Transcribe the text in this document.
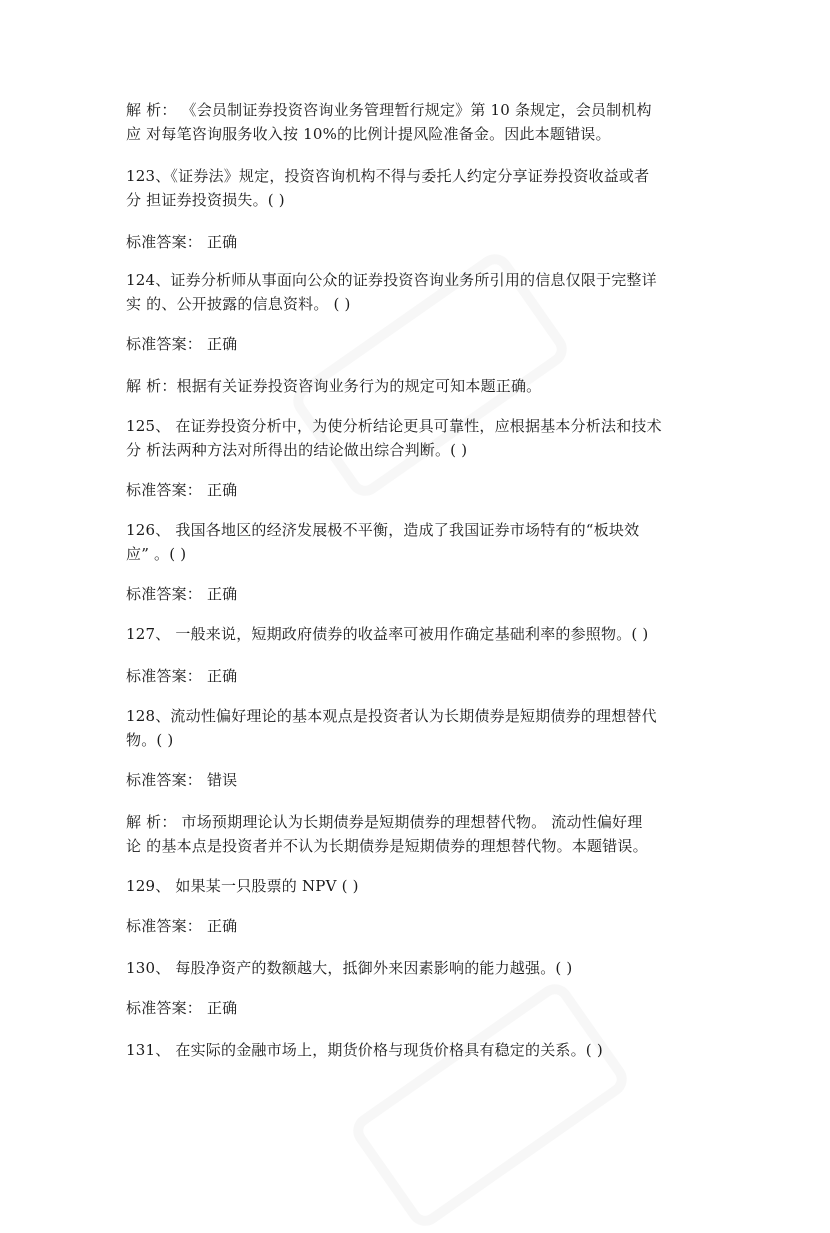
解 析： 《会员制证券投资咨询业务管理暂行规定》第 10 条规定，会员制机构
应 对每笔咨询服务收入按 10%的比例计提风险准备金。因此本题错误。
123、《证券法》规定，投资咨询机构不得与委托人约定分享证券投资收益或者
分 担证券投资损失。( )
标准答案： 正确
124、证券分析师从事面向公众的证券投资咨询业务所引用的信息仅限于完整详
实 的、公开披露的信息资料。 ( )
标准答案： 正确
解 析：根据有关证券投资咨询业务行为的规定可知本题正确。
125、 在证券投资分析中，为使分析结论更具可靠性，应根据基本分析法和技术
分 析法两种方法对所得出的结论做出综合判断。( )
标准答案： 正确
126、 我国各地区的经济发展极不平衡，造成了我国证券市场特有的“板块效
应” 。( )
标准答案： 正确
127、 一般来说，短期政府债券的收益率可被用作确定基础利率的参照物。( )
标准答案： 正确
128、流动性偏好理论的基本观点是投资者认为长期债券是短期债券的理想替代
物。( )
标准答案： 错误
解 析： 市场预期理论认为长期债券是短期债券的理想替代物。 流动性偏好理
论 的基本点是投资者并不认为长期债券是短期债券的理想替代物。本题错误。
129、 如果某一只股票的 NPV ( )
标准答案： 正确
130、 每股净资产的数额越大，抵御外来因素影响的能力越强。( )
标准答案： 正确
131、 在实际的金融市场上，期货价格与现货价格具有稳定的关系。( )
